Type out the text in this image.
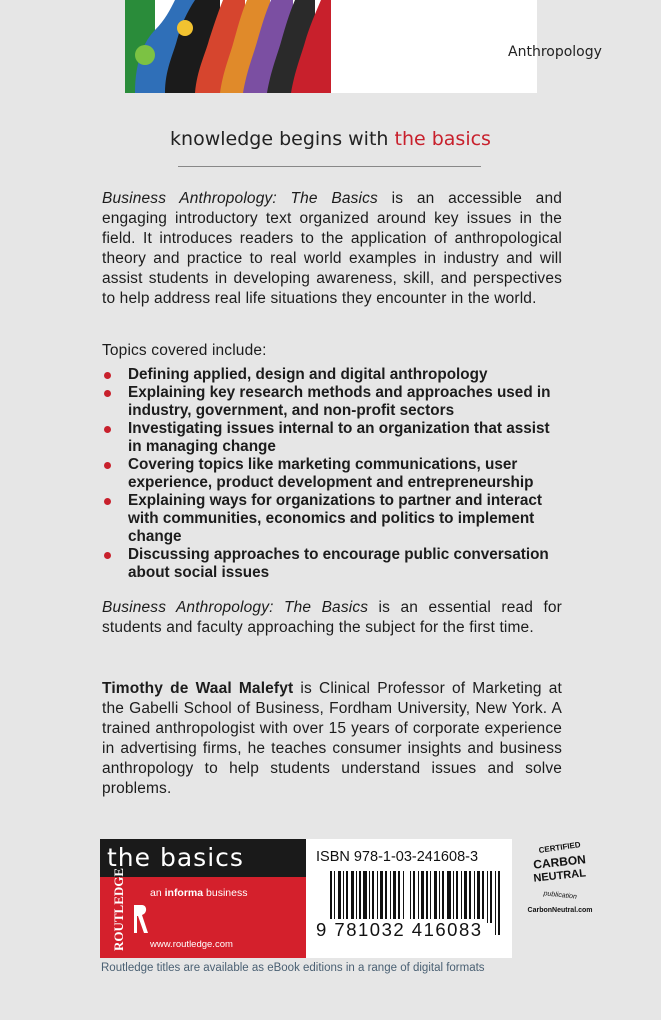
Anthropology
knowledge begins with the basics
Business Anthropology: The Basics is an accessible and engaging introductory text organized around key issues in the field. It introduces readers to the application of anthropological theory and practice to real world examples in industry and will assist students in developing awareness, skill, and perspectives to help address real life situations they encounter in the world.
Topics covered include:
Defining applied, design and digital anthropology
Explaining key research methods and approaches used in industry, government, and non-profit sectors
Investigating issues internal to an organization that assist in managing change
Covering topics like marketing communications, user experience, product development and entrepreneurship
Explaining ways for organizations to partner and interact with communities, economics and politics to implement change
Discussing approaches to encourage public conversation about social issues
Business Anthropology: The Basics is an essential read for students and faculty approaching the subject for the first time.
Timothy de Waal Malefyt is Clinical Professor of Marketing at the Gabelli School of Business, Fordham University, New York. A trained anthropologist with over 15 years of corporate experience in advertising firms, he teaches consumer insights and business anthropology to help students understand issues and solve problems.
the basics
ROUTLEDGE an informa business
www.routledge.com
ISBN 978-1-03-241608-3
9 781032 416083
CERTIFIED
CARBON
NEUTRAL
publication
CarbonNeutral.com
Routledge titles are available as eBook editions in a range of digital formats
